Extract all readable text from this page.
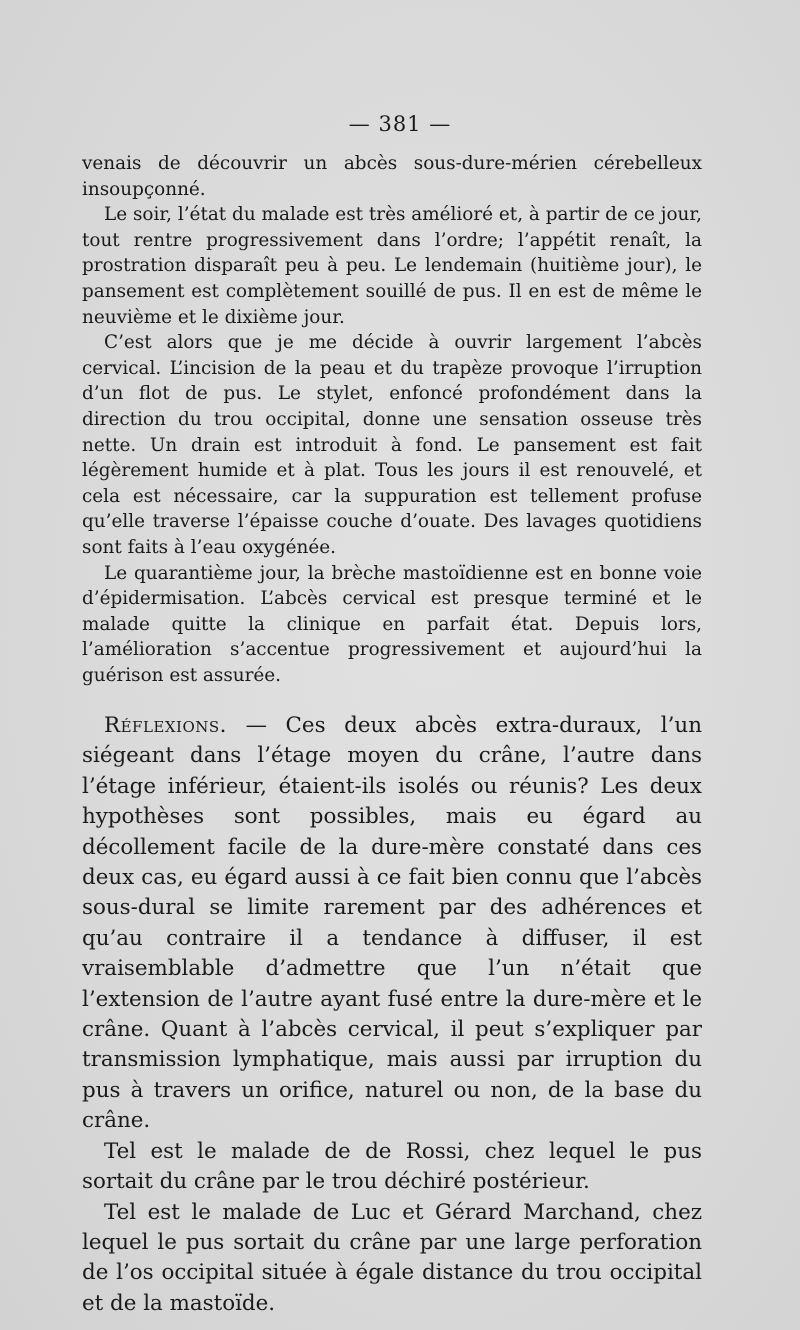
— 381 —

venais de découvrir un abcès sous-dure-mérien cérebelleux insoupçonné.

Le soir, l’état du malade est très amélioré et, à partir de ce jour, tout rentre progressivement dans l’ordre; l’appétit renaît, la prostration disparaît peu à peu. Le lendemain (huitième jour), le pansement est complètement souillé de pus. Il en est de même le neuvième et le dixième jour.

C’est alors que je me décide à ouvrir largement l’abcès cervical. L’incision de la peau et du trapèze provoque l’irruption d’un flot de pus. Le stylet, enfoncé profondément dans la direction du trou occipital, donne une sensation osseuse très nette. Un drain est introduit à fond. Le pansement est fait légèrement humide et à plat. Tous les jours il est renouvelé, et cela est nécessaire, car la suppuration est tellement profuse qu’elle traverse l’épaisse couche d’ouate. Des lavages quotidiens sont faits à l’eau oxygénée.

Le quarantième jour, la brèche mastoïdienne est en bonne voie d’épidermisation. L’abcès cervical est presque terminé et le malade quitte la clinique en parfait état. Depuis lors, l’amélioration s’accentue progressivement et aujourd’hui la guérison est assurée.

Réflexions. — Ces deux abcès extra-duraux, l’un siégeant dans l’étage moyen du crâne, l’autre dans l’étage inférieur, étaient-ils isolés ou réunis? Les deux hypothèses sont possibles, mais eu égard au décollement facile de la dure-mère constaté dans ces deux cas, eu égard aussi à ce fait bien connu que l’abcès sous-dural se limite rarement par des adhérences et qu’au contraire il a tendance à diffuser, il est vraisemblable d’admettre que l’un n’était que l’extension de l’autre ayant fusé entre la dure-mère et le crâne. Quant à l’abcès cervical, il peut s’expliquer par transmission lymphatique, mais aussi par irruption du pus à travers un orifice, naturel ou non, de la base du crâne.

Tel est le malade de de Rossi, chez lequel le pus sortait du crâne par le trou déchiré postérieur.

Tel est le malade de Luc et Gérard Marchand, chez lequel le pus sortait du crâne par une large perforation de l’os occipital située à égale distance du trou occipital et de la mastoïde.
